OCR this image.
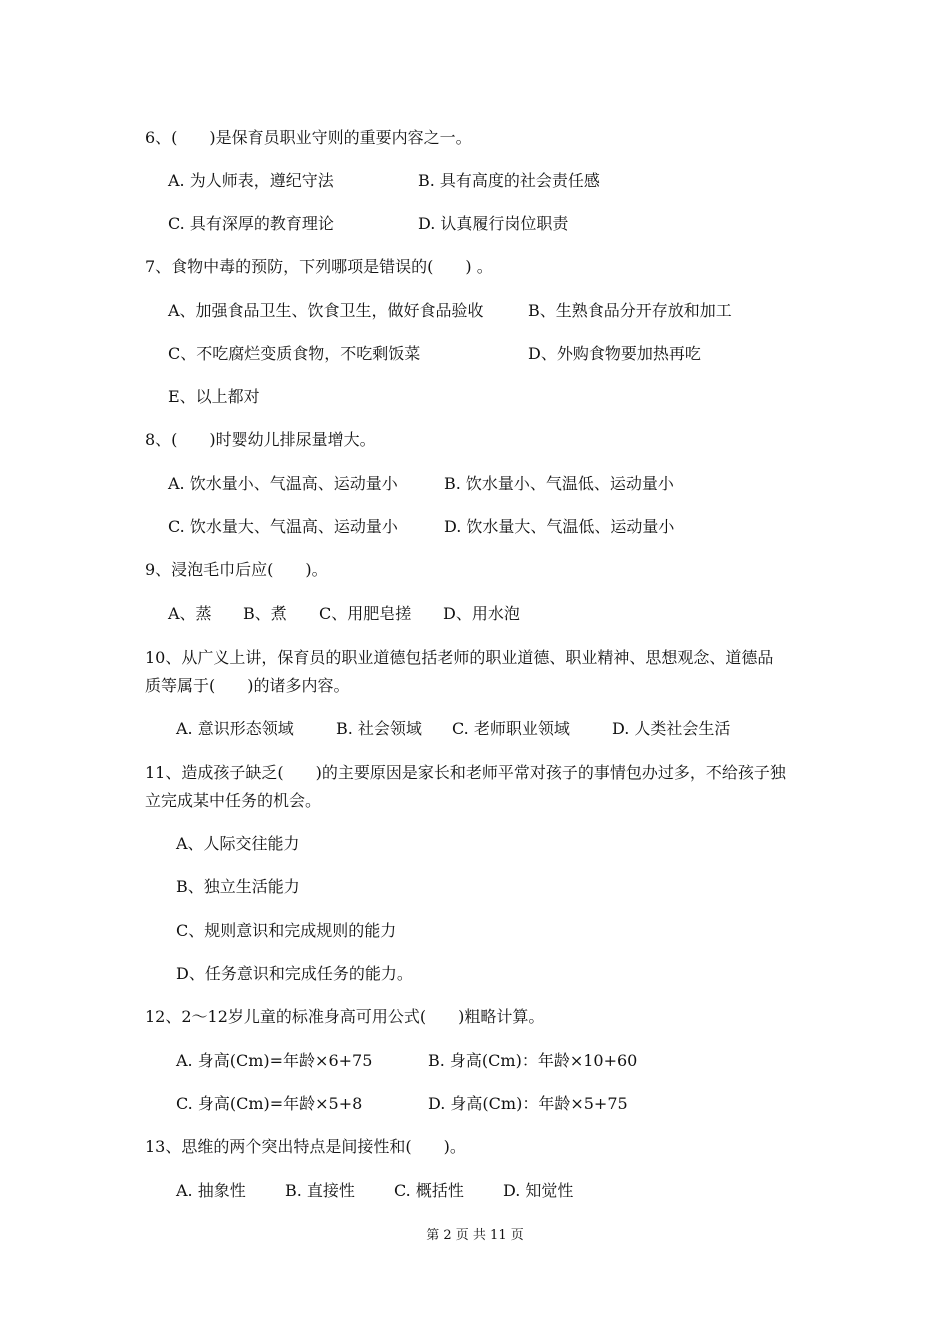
6、(　　)是保育员职业守则的重要内容之一。
A. 为人师表，遵纪守法	B. 具有高度的社会责任感
C. 具有深厚的教育理论	D. 认真履行岗位职责
7、食物中毒的预防，下列哪项是错误的(　　) 。
A、加强食品卫生、饮食卫生，做好食品验收	B、生熟食品分开存放和加工
C、不吃腐烂变质食物，不吃剩饭菜	D、外购食物要加热再吃
E、以上都对
8、(　　)时婴幼儿排尿量增大。
A. 饮水量小、气温高、运动量小	B. 饮水量小、气温低、运动量小
C. 饮水量大、气温高、运动量小	D. 饮水量大、气温低、运动量小
9、浸泡毛巾后应(　　)。
A、蒸 B、煮 C、用肥皂搓 D、用水泡
10、从广义上讲，保育员的职业道德包括老师的职业道德、职业精神、思想观念、道德品
质等属于(　　)的诸多内容。
A. 意识形态领域	B. 社会领域 C. 老师职业领域	D. 人类社会生活
11、造成孩子缺乏(　　)的主要原因是家长和老师平常对孩子的事情包办过多，不给孩子独
立完成某中任务的机会。
A、人际交往能力
B、独立生活能力
C、规则意识和完成规则的能力
D、任务意识和完成任务的能力。
12、2～12岁儿童的标准身高可用公式(　　)粗略计算。
A. 身高(Cm)=年龄×6+75	B. 身高(Cm)：年龄×10+60
C. 身高(Cm)=年龄×5+8	D. 身高(Cm)：年龄×5+75
13、思维的两个突出特点是间接性和(　　)。
A. 抽象性 B. 直接性 C. 概括性 D. 知觉性
第 2 页 共 11 页
